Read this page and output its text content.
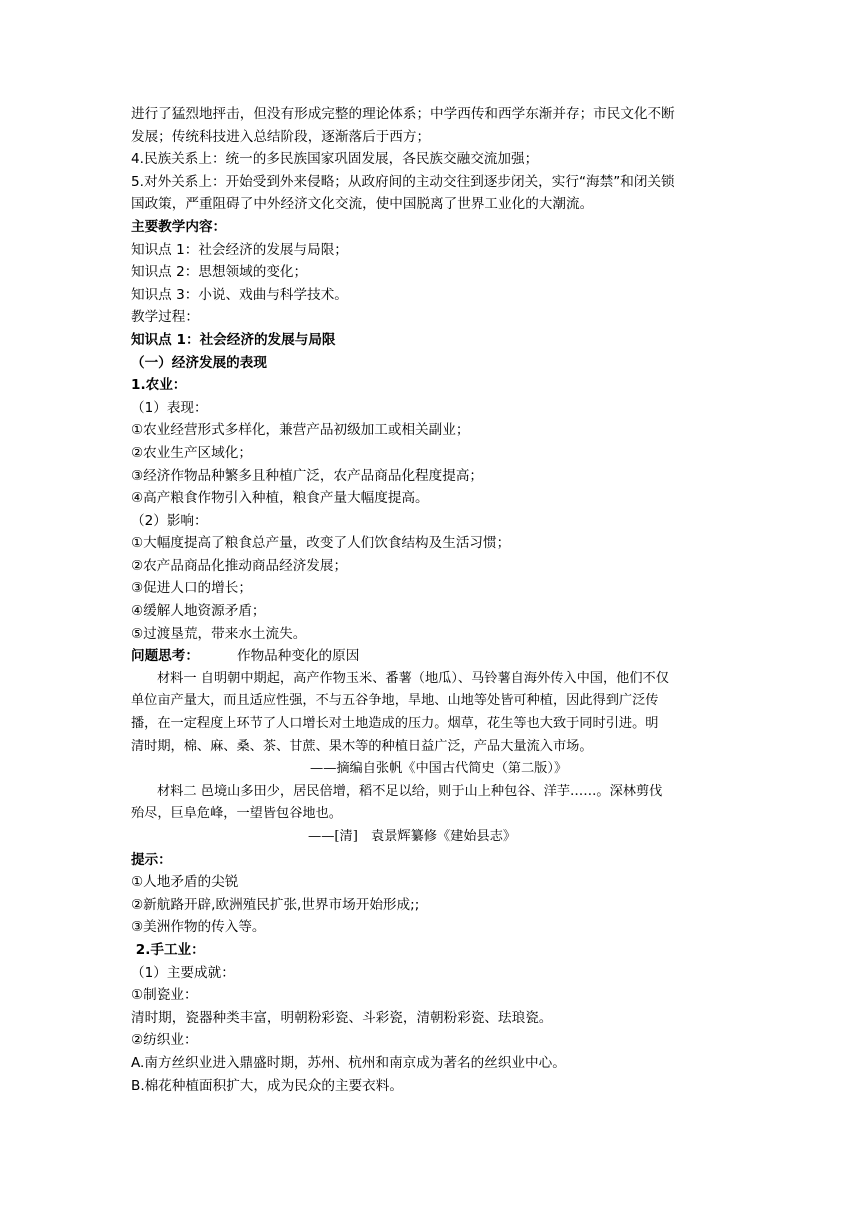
进行了猛烈地抨击，但没有形成完整的理论体系；中学西传和西学东渐并存；市民文化不断
发展；传统科技进入总结阶段，逐渐落后于西方；
4.民族关系上：统一的多民族国家巩固发展，各民族交融交流加强；
5.对外关系上：开始受到外来侵略；从政府间的主动交往到逐步闭关，实行“海禁”和闭关锁
国政策，严重阻碍了中外经济文化交流，使中国脱离了世界工业化的大潮流。
主要教学内容：
知识点 1：社会经济的发展与局限；
知识点 2：思想领域的变化；
知识点 3：小说、戏曲与科学技术。
教学过程：
知识点 1：社会经济的发展与局限
（一）经济发展的表现
1.农业：
（1）表现：
①农业经营形式多样化，兼营产品初级加工或相关副业；
②农业生产区域化；
③经济作物品种繁多且种植广泛，农产品商品化程度提高；
④高产粮食作物引入种植，粮食产量大幅度提高。
（2）影响：
①大幅度提高了粮食总产量，改变了人们饮食结构及生活习惯；
②农产品商品化推动商品经济发展；
③促进人口的增长；
④缓解人地资源矛盾；
⑤过渡垦荒，带来水土流失。
问题思考：	作物品种变化的原因
材料一 自明朝中期起，高产作物玉米、番薯（地瓜）、马铃薯自海外传入中国，他们不仅
单位亩产量大，而且适应性强，不与五谷争地，旱地、山地等处皆可种植，因此得到广泛传
播，在一定程度上环节了人口增长对土地造成的压力。烟草，花生等也大致于同时引进。明
清时期，棉、麻、桑、茶、甘蔗、果木等的种植日益广泛，产品大量流入市场。
——摘编自张帆《中国古代简史（第二版）》
材料二 邑境山多田少，居民倍增，稻不足以给，则于山上种包谷、洋芋……。深林剪伐
殆尽，巨阜危峰，一望皆包谷地也。
——[清]　袁景辉纂修《建始县志》
提示：
①人地矛盾的尖锐
②新航路开辟,欧洲殖民扩张,世界市场开始形成;;
③美洲作物的传入等。
2.手工业：
（1）主要成就：
①制瓷业：
清时期，瓷器种类丰富，明朝粉彩瓷、斗彩瓷，清朝粉彩瓷、珐琅瓷。
②纺织业：
A.南方丝织业进入鼎盛时期，苏州、杭州和南京成为著名的丝织业中心。
B.棉花种植面积扩大，成为民众的主要衣料。
